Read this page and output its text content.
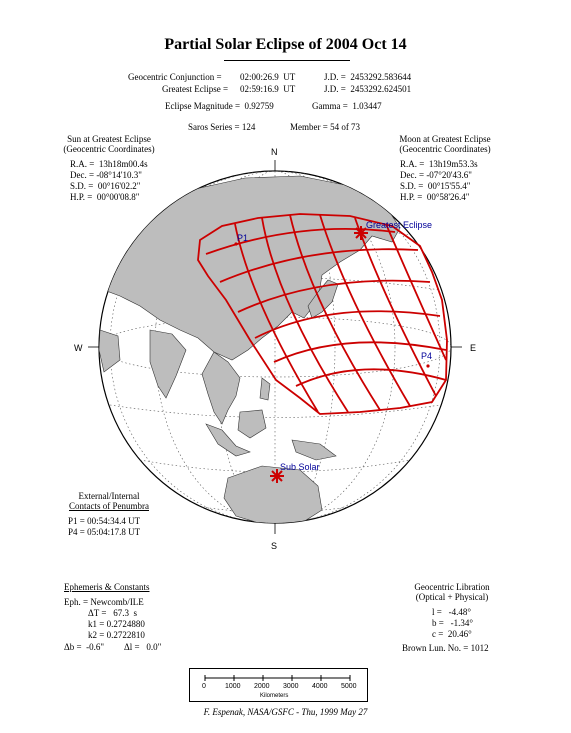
Partial Solar Eclipse of 2004 Oct 14
Geocentric Conjunction = 02:00:26.9  UT	J.D. =  2453292.583644
Greatest Eclipse = 02:59:16.9  UT	J.D. =  2453292.624501
Eclipse Magnitude =  0.92759	Gamma =  1.03447
Saros Series = 124	Member = 54 of 73
Sun at Greatest Eclipse
(Geocentric Coordinates)
R.A. =  13h18m00.4s
Dec. = -08°14'10.3"
S.D. =  00°16'02.2"
H.P. =  00°00'08.8"
Moon at Greatest Eclipse
(Geocentric Coordinates)
R.A. =  13h19m53.3s
Dec. = -07°20'43.6"
S.D. =  00°15'55.4"
H.P. =  00°58'26.4"
N
S
W	E
Greatest Eclipse
Sub Solar
P1
P4
External/Internal
Contacts of Penumbra
P1 = 00:54:34.4 UT
P4 = 05:04:17.8 UT
Ephemeris & Constants
Eph. = Newcomb/ILE
ΔT =   67.3  s
k1 = 0.2724880
k2 = 0.2722810
Δb =  -0.6" Δl =   0.0"
Geocentric Libration
(Optical + Physical)
l =   -4.48°
b =   -1.34°
c =  20.46°
Brown Lun. No. = 1012
0	1000 2000 3000 4000 5000
Kilometers
F. Espenak, NASA/GSFC - Thu, 1999 May 27
